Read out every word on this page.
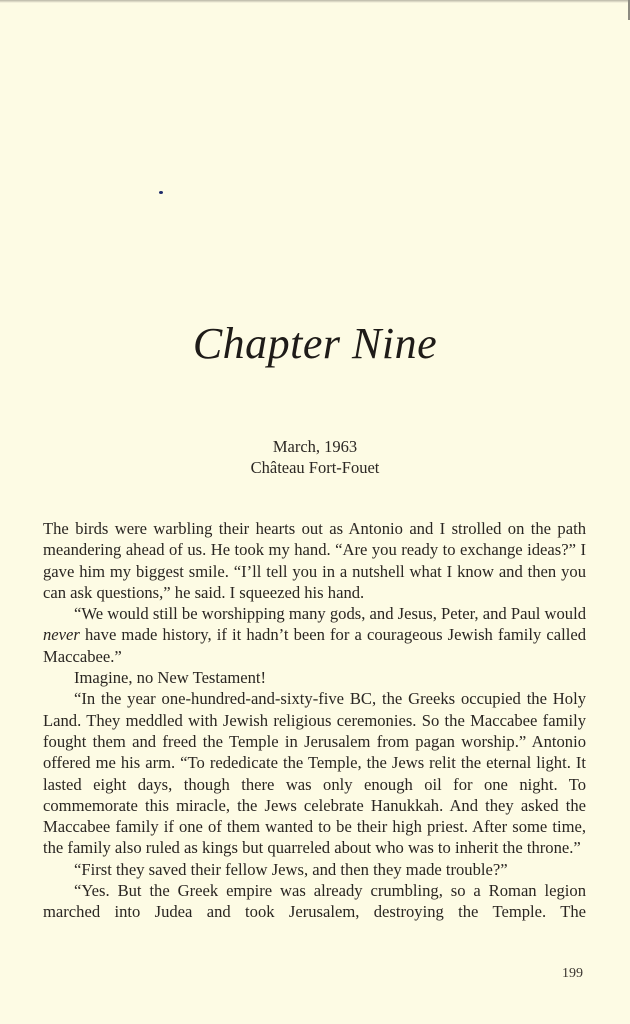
Chapter Nine
March, 1963
Château Fort-Fouet

The birds were warbling their hearts out as Antonio and I strolled on the path meandering ahead of us. He took my hand. “Are you ready to exchange ideas?” I gave him my biggest smile. “I’ll tell you in a nutshell what I know and then you can ask questions,” he said. I squeezed his hand.

“We would still be worshipping many gods, and Jesus, Peter, and Paul would never have made history, if it hadn’t been for a courageous Jewish family called Maccabee.”

Imagine, no New Testament!

“In the year one-hundred-and-sixty-five BC, the Greeks occupied the Holy Land. They meddled with Jewish religious ceremonies. So the Maccabee family fought them and freed the Temple in Jerusalem from pagan worship.” Antonio offered me his arm. “To rededicate the Temple, the Jews relit the eternal light. It lasted eight days, though there was only enough oil for one night. To commemorate this miracle, the Jews celebrate Hanukkah. And they asked the Maccabee family if one of them wanted to be their high priest. After some time, the family also ruled as kings but quarreled about who was to inherit the throne.”

“First they saved their fellow Jews, and then they made trouble?”

“Yes. But the Greek empire was already crumbling, so a Roman legion marched into Judea and took Jerusalem, destroying the Temple. The

199
